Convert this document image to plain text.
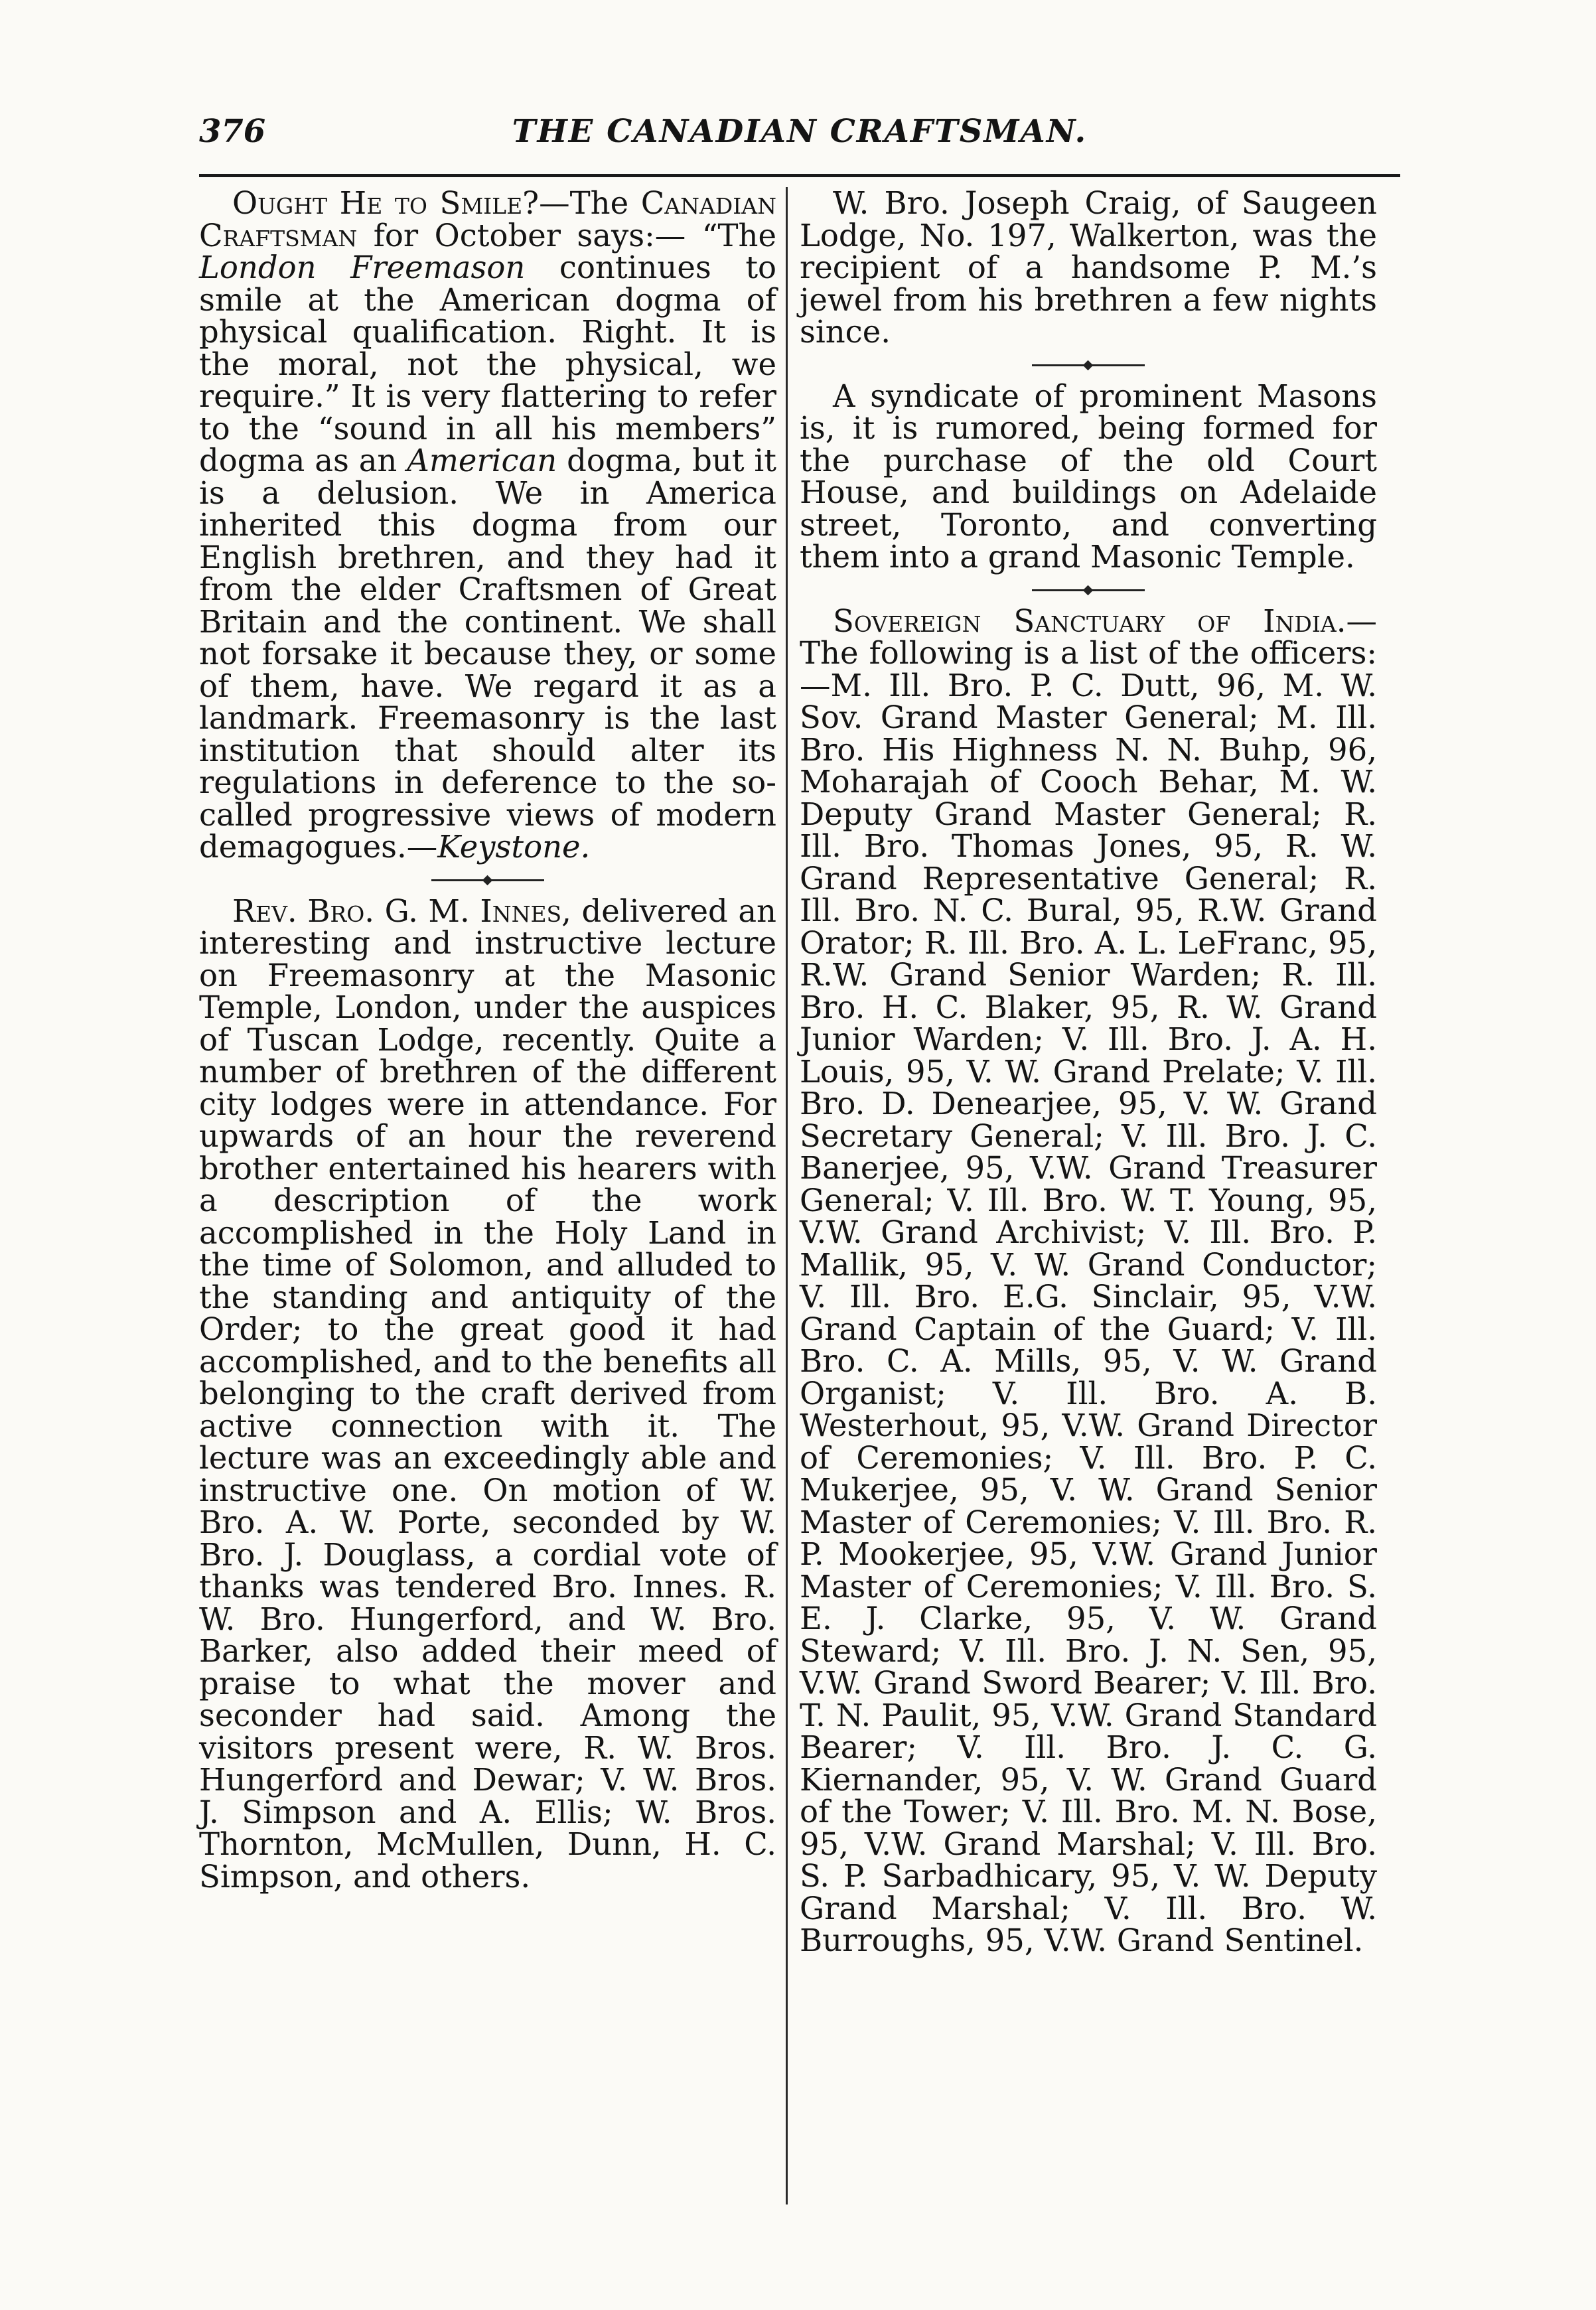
376	THE CANADIAN CRAFTSMAN.

Ought He to Smile?—The Canadian Craftsman for October says:— “The London Freemason continues to smile at the American dogma of physical qualification. Right. It is the moral, not the physical, we require.” It is very flattering to refer to the “sound in all his members” dogma as an American dogma, but it is a delusion. We in America inherited this dogma from our English brethren, and they had it from the elder Craftsmen of Great Britain and the continent. We shall not forsake it because they, or some of them, have. We regard it as a landmark. Freemasonry is the last institution that should alter its regulations in deference to the so-called progressive views of modern demagogues.—Keystone.

Rev. Bro. G. M. Innes, delivered an interesting and instructive lecture on Freemasonry at the Masonic Temple, London, under the auspices of Tuscan Lodge, recently. Quite a number of brethren of the different city lodges were in attendance. For upwards of an hour the reverend brother entertained his hearers with a description of the work accomplished in the Holy Land in the time of Solomon, and alluded to the standing and antiquity of the Order; to the great good it had accomplished, and to the benefits all belonging to the craft derived from active connection with it. The lecture was an exceedingly able and instructive one. On motion of W. Bro. A. W. Porte, seconded by W. Bro. J. Douglass, a cordial vote of thanks was tendered Bro. Innes. R. W. Bro. Hungerford, and W. Bro. Barker, also added their meed of praise to what the mover and seconder had said. Among the visitors present were, R. W. Bros. Hungerford and Dewar; V. W. Bros. J. Simpson and A. Ellis; W. Bros. Thornton, McMullen, Dunn, H. C. Simpson, and others.

W. Bro. Joseph Craig, of Saugeen Lodge, No. 197, Walkerton, was the recipient of a handsome P. M.’s jewel from his brethren a few nights since.

A syndicate of prominent Masons is, it is rumored, being formed for the purchase of the old Court House, and buildings on Adelaide street, Toronto, and converting them into a grand Masonic Temple.

Sovereign Sanctuary of India.— The following is a list of the officers: —M. Ill. Bro. P. C. Dutt, 96, M. W. Sov. Grand Master General; M. Ill. Bro. His Highness N. N. Buhp, 96, Moharajah of Cooch Behar, M. W. Deputy Grand Master General; R. Ill. Bro. Thomas Jones, 95, R. W. Grand Representative General; R. Ill. Bro. N. C. Bural, 95, R.W. Grand Orator; R. Ill. Bro. A. L. LeFranc, 95, R.W. Grand Senior Warden; R. Ill. Bro. H. C. Blaker, 95, R. W. Grand Junior Warden; V. Ill. Bro. J. A. H. Louis, 95, V. W. Grand Prelate; V. Ill. Bro. D. Denearjee, 95, V. W. Grand Secretary General; V. Ill. Bro. J. C. Banerjee, 95, V.W. Grand Treasurer General; V. Ill. Bro. W. T. Young, 95, V.W. Grand Archivist; V. Ill. Bro. P. Mallik, 95, V. W. Grand Conductor; V. Ill. Bro. E.G. Sinclair, 95, V.W. Grand Captain of the Guard; V. Ill. Bro. C. A. Mills, 95, V. W. Grand Organist; V. Ill. Bro. A. B. Westerhout, 95, V.W. Grand Director of Ceremonies; V. Ill. Bro. P. C. Mukerjee, 95, V. W. Grand Senior Master of Ceremonies; V. Ill. Bro. R. P. Mookerjee, 95, V.W. Grand Junior Master of Ceremonies; V. Ill. Bro. S. E. J. Clarke, 95, V. W. Grand Steward; V. Ill. Bro. J. N. Sen, 95, V.W. Grand Sword Bearer; V. Ill. Bro. T. N. Paulit, 95, V.W. Grand Standard Bearer; V. Ill. Bro. J. C. G. Kiernander, 95, V. W. Grand Guard of the Tower; V. Ill. Bro. M. N. Bose, 95, V.W. Grand Marshal; V. Ill. Bro. S. P. Sarbadhicary, 95, V. W. Deputy Grand Marshal; V. Ill. Bro. W. Burroughs, 95, V.W. Grand Sentinel.
